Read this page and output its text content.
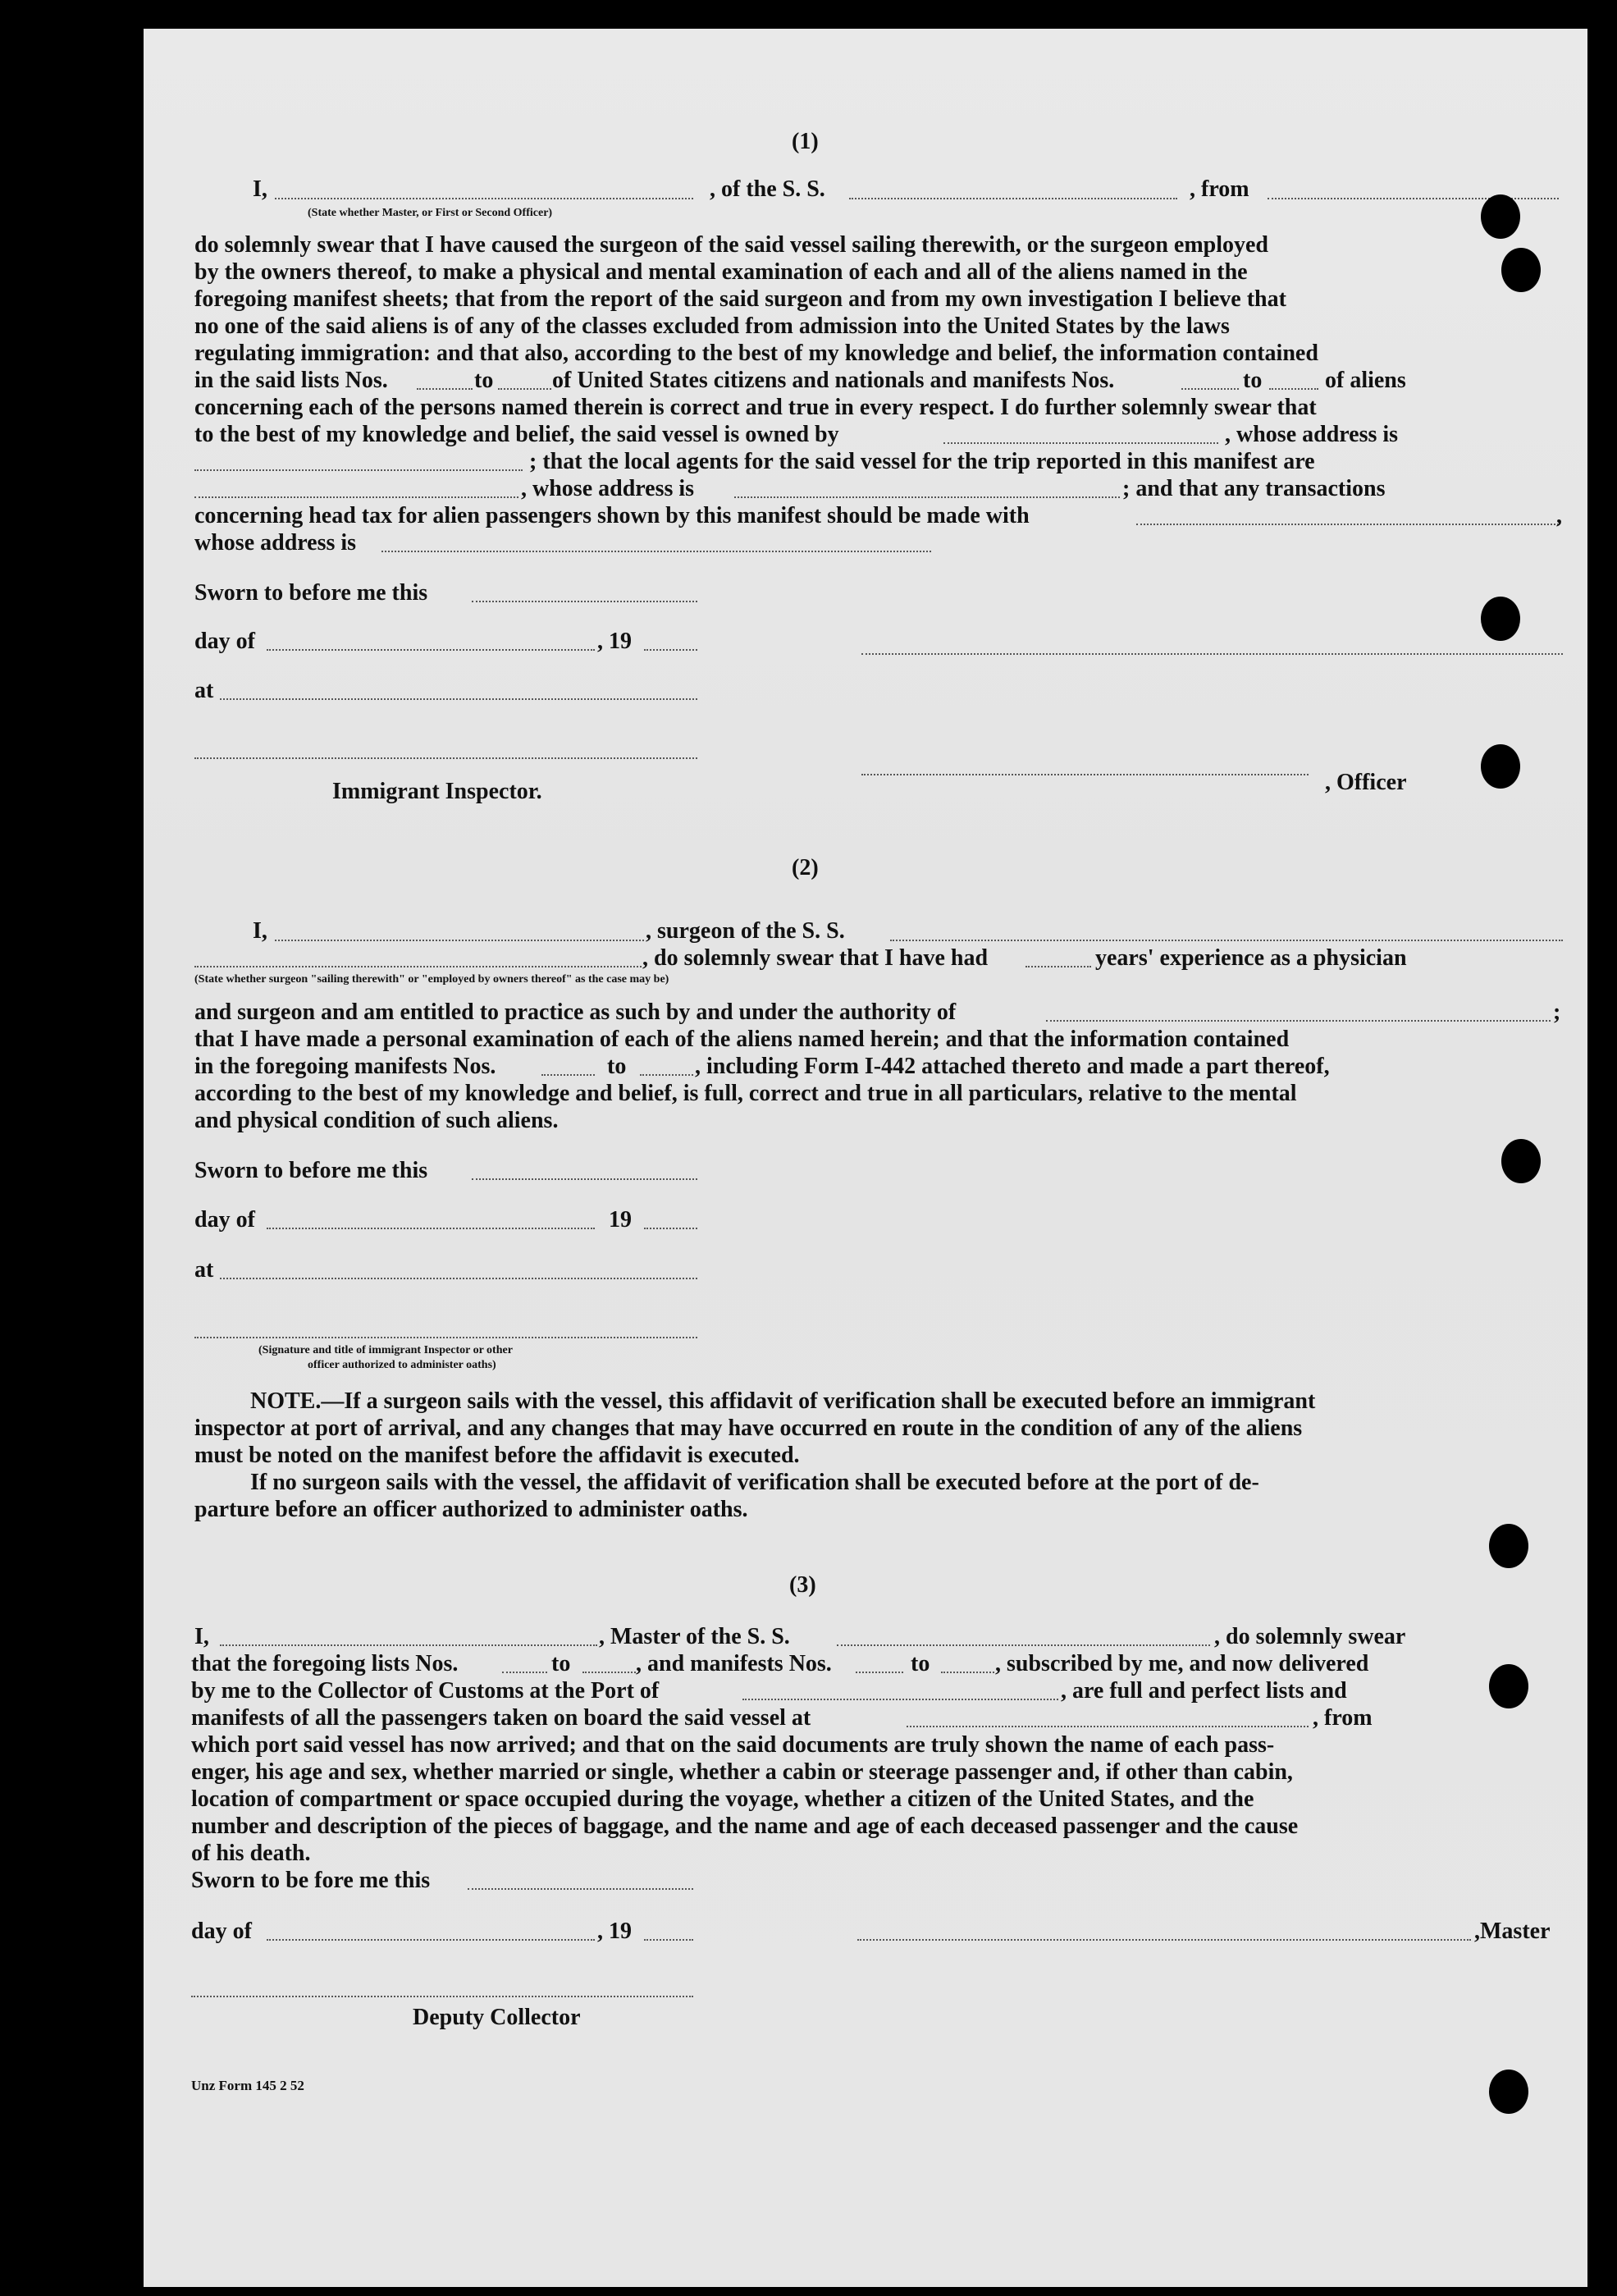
(1)
I,	, of the S. S.	, from
(State whether Master, or First or Second Officer)
do solemnly swear that I have caused the surgeon of the said vessel sailing therewith, or the surgeon employed
by the owners thereof, to make a physical and mental examination of each and all of the aliens named in the
foregoing manifest sheets; that from the report of the said surgeon and from my own investigation I believe that
no one of the said aliens is of any of the classes excluded from admission into the United States by the laws
regulating immigration: and that also, according to the best of my knowledge and belief, the information contained
in the said lists Nos.	to	of United States citizens and nationals and manifests Nos.	to	of aliens
concerning each of the persons named therein is correct and true in every respect. I do further solemnly swear that
to the best of my knowledge and belief, the said vessel is owned by	, whose address is
; that the local agents for the said vessel for the trip reported in this manifest are
, whose address is	; and that any transactions
concerning head tax for alien passengers shown by this manifest should be made with	,
whose address is
Sworn to before me this
day of	, 19
at
Immigrant Inspector.	, Officer
(2)
I,	, surgeon of the S. S.
, do solemnly swear that I have had	years' experience as a physician
(State whether surgeon "sailing therewith" or "employed by owners thereof" as the case may be)
and surgeon and am entitled to practice as such by and under the authority of	;
that I have made a personal examination of each of the aliens named herein; and that the information contained
in the foregoing manifests Nos.	to	, including Form I-442 attached thereto and made a part thereof,
according to the best of my knowledge and belief, is full, correct and true in all particulars, relative to the mental
and physical condition of such aliens.
Sworn to before me this
day of	19
at
(Signature and title of immigrant Inspector or other
officer authorized to administer oaths)
NOTE.—If a surgeon sails with the vessel, this affidavit of verification shall be executed before an immigrant
inspector at port of arrival, and any changes that may have occurred en route in the condition of any of the aliens
must be noted on the manifest before the affidavit is executed.
If no surgeon sails with the vessel, the affidavit of verification shall be executed before at the port of de-
parture before an officer authorized to administer oaths.
(3)
I,	, Master of the S. S.	, do solemnly swear
that the foregoing lists Nos.	to	, and manifests Nos.	to	, subscribed by me, and now delivered
by me to the Collector of Customs at the Port of	, are full and perfect lists and
manifests of all the passengers taken on board the said vessel at	, from
which port said vessel has now arrived; and that on the said documents are truly shown the name of each pass-
enger, his age and sex, whether married or single, whether a cabin or steerage passenger and, if other than cabin,
location of compartment or space occupied during the voyage, whether a citizen of the United States, and the
number and description of the pieces of baggage, and the name and age of each deceased passenger and the cause
of his death.
Sworn to be fore me this
day of	, 19	,Master
Deputy Collector
Unz Form 145 2 52
